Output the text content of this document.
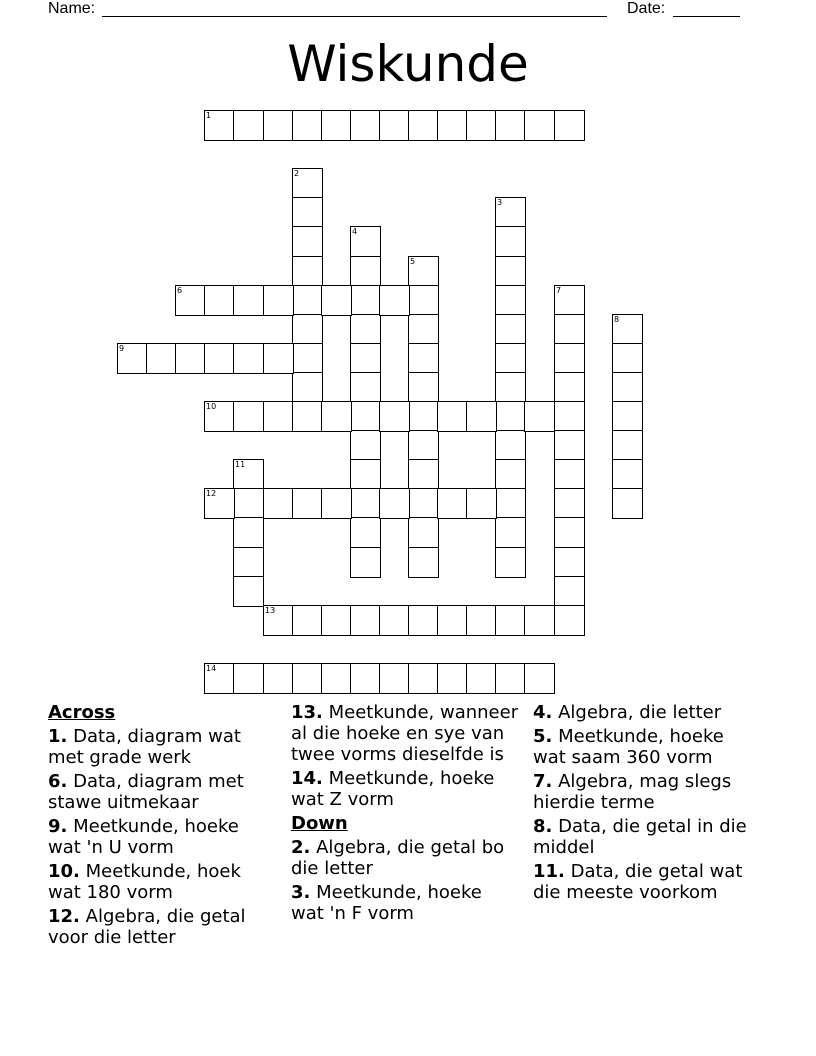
Name:	Date:
Wiskunde
1
2
3
4
5
6	7
8
9
10
11
12
13
14
Across
1. Data, diagram wat met grade werk
6. Data, diagram met stawe uitmekaar
9. Meetkunde, hoeke wat 'n U vorm
10. Meetkunde, hoek wat 180 vorm
12. Algebra, die getal voor die letter
13. Meetkunde, wanneer al die hoeke en sye van twee vorms dieselfde is
14. Meetkunde, hoeke wat Z vorm
Down
2. Algebra, die getal bo die letter
3. Meetkunde, hoeke wat 'n F vorm
4. Algebra, die letter
5. Meetkunde, hoeke wat saam 360 vorm
7. Algebra, mag slegs hierdie terme
8. Data, die getal in die middel
11. Data, die getal wat die meeste voorkom
